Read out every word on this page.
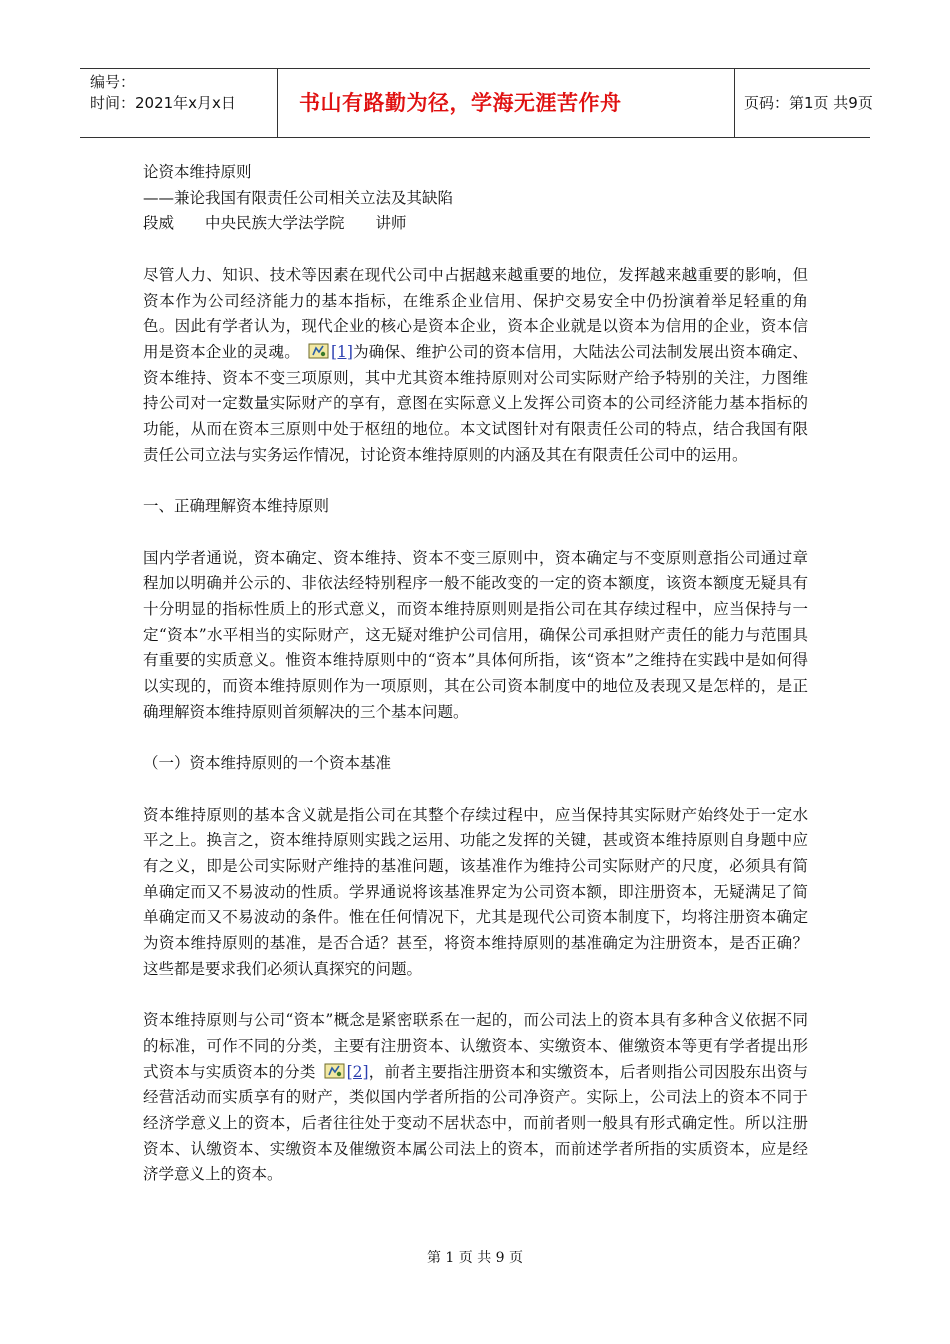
编号：
时间：2021年x月x日	书山有路勤为径，学海无涯苦作舟	页码：第1页 共9页

论资本维持原则

——兼论我国有限责任公司相关立法及其缺陷

段威　　中央民族大学法学院　　讲师

尽管人力、知识、技术等因素在现代公司中占据越来越重要的地位，发挥越来越重要的影响，但资本作为公司经济能力的基本指标，在维系企业信用、保护交易安全中仍扮演着举足轻重的角色。因此有学者认为，现代企业的核心是资本企业，资本企业就是以资本为信用的企业，资本信用是资本企业的灵魂。 [1]为确保、维护公司的资本信用，大陆法公司法制发展出资本确定、资本维持、资本不变三项原则，其中尤其资本维持原则对公司实际财产给予特别的关注，力图维持公司对一定数量实际财产的享有，意图在实际意义上发挥公司资本的公司经济能力基本指标的功能，从而在资本三原则中处于枢纽的地位。本文试图针对有限责任公司的特点，结合我国有限责任公司立法与实务运作情况，讨论资本维持原则的内涵及其在有限责任公司中的运用。

一、正确理解资本维持原则

国内学者通说，资本确定、资本维持、资本不变三原则中，资本确定与不变原则意指公司通过章程加以明确并公示的、非依法经特别程序一般不能改变的一定的资本额度，该资本额度无疑具有十分明显的指标性质上的形式意义，而资本维持原则则是指公司在其存续过程中，应当保持与一定“资本”水平相当的实际财产，这无疑对维护公司信用，确保公司承担财产责任的能力与范围具有重要的实质意义。惟资本维持原则中的“资本”具体何所指，该“资本”之维持在实践中是如何得以实现的，而资本维持原则作为一项原则，其在公司资本制度中的地位及表现又是怎样的，是正确理解资本维持原则首须解决的三个基本问题。

（一）资本维持原则的一个资本基准

资本维持原则的基本含义就是指公司在其整个存续过程中，应当保持其实际财产始终处于一定水平之上。换言之，资本维持原则实践之运用、功能之发挥的关键，甚或资本维持原则自身题中应有之义，即是公司实际财产维持的基准问题，该基准作为维持公司实际财产的尺度，必须具有简单确定而又不易波动的性质。学界通说将该基准界定为公司资本额，即注册资本，无疑满足了简单确定而又不易波动的条件。惟在任何情况下，尤其是现代公司资本制度下，均将注册资本确定为资本维持原则的基准，是否合适？甚至，将资本维持原则的基准确定为注册资本，是否正确？这些都是要求我们必须认真探究的问题。

资本维持原则与公司“资本”概念是紧密联系在一起的，而公司法上的资本具有多种含义依据不同的标准，可作不同的分类，主要有注册资本、认缴资本、实缴资本、催缴资本等更有学者提出形式资本与实质资本的分类 [2]，前者主要指注册资本和实缴资本，后者则指公司因股东出资与经营活动而实质享有的财产，类似国内学者所指的公司净资产。实际上，公司法上的资本不同于经济学意义上的资本，后者往往处于变动不居状态中，而前者则一般具有形式确定性。所以注册资本、认缴资本、实缴资本及催缴资本属公司法上的资本，而前述学者所指的实质资本，应是经济学意义上的资本。

第 1 页 共 9 页
